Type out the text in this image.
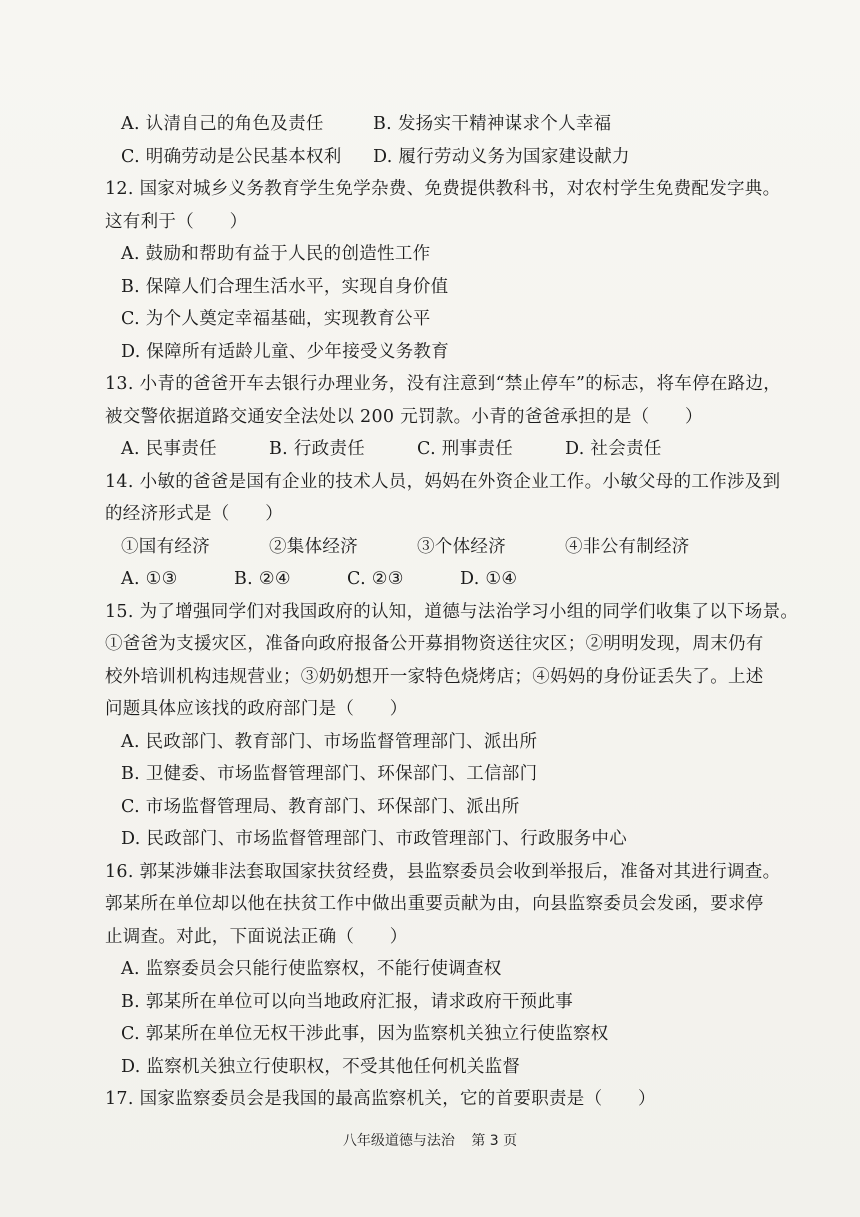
A. 认清自己的角色及责任	B. 发扬实干精神谋求个人幸福
C. 明确劳动是公民基本权利	D. 履行劳动义务为国家建设献力
12. 国家对城乡义务教育学生免学杂费、免费提供教科书，对农村学生免费配发字典。
这有利于（　　）
A. 鼓励和帮助有益于人民的创造性工作
B. 保障人们合理生活水平，实现自身价值
C. 为个人奠定幸福基础，实现教育公平
D. 保障所有适龄儿童、少年接受义务教育
13. 小青的爸爸开车去银行办理业务，没有注意到“禁止停车”的标志，将车停在路边，
被交警依据道路交通安全法处以 200 元罚款。小青的爸爸承担的是（　　）
A. 民事责任	B. 行政责任	C. 刑事责任	D. 社会责任
14. 小敏的爸爸是国有企业的技术人员，妈妈在外资企业工作。小敏父母的工作涉及到
的经济形式是（　　）
①国有经济	②集体经济	③个体经济	④非公有制经济
A. ①③	B. ②④	C. ②③	D. ①④
15. 为了增强同学们对我国政府的认知，道德与法治学习小组的同学们收集了以下场景。
①爸爸为支援灾区，准备向政府报备公开募捐物资送往灾区；②明明发现，周末仍有
校外培训机构违规营业；③奶奶想开一家特色烧烤店；④妈妈的身份证丢失了。上述
问题具体应该找的政府部门是（　　）
A. 民政部门、教育部门、市场监督管理部门、派出所
B. 卫健委、市场监督管理部门、环保部门、工信部门
C. 市场监督管理局、教育部门、环保部门、派出所
D. 民政部门、市场监督管理部门、市政管理部门、行政服务中心
16. 郭某涉嫌非法套取国家扶贫经费，县监察委员会收到举报后，准备对其进行调查。
郭某所在单位却以他在扶贫工作中做出重要贡献为由，向县监察委员会发函，要求停
止调查。对此，下面说法正确（　　）
A. 监察委员会只能行使监察权，不能行使调查权
B. 郭某所在单位可以向当地政府汇报，请求政府干预此事
C. 郭某所在单位无权干涉此事，因为监察机关独立行使监察权
D. 监察机关独立行使职权，不受其他任何机关监督
17. 国家监察委员会是我国的最高监察机关，它的首要职责是（　　）
八年级道德与法治 第 3 页
